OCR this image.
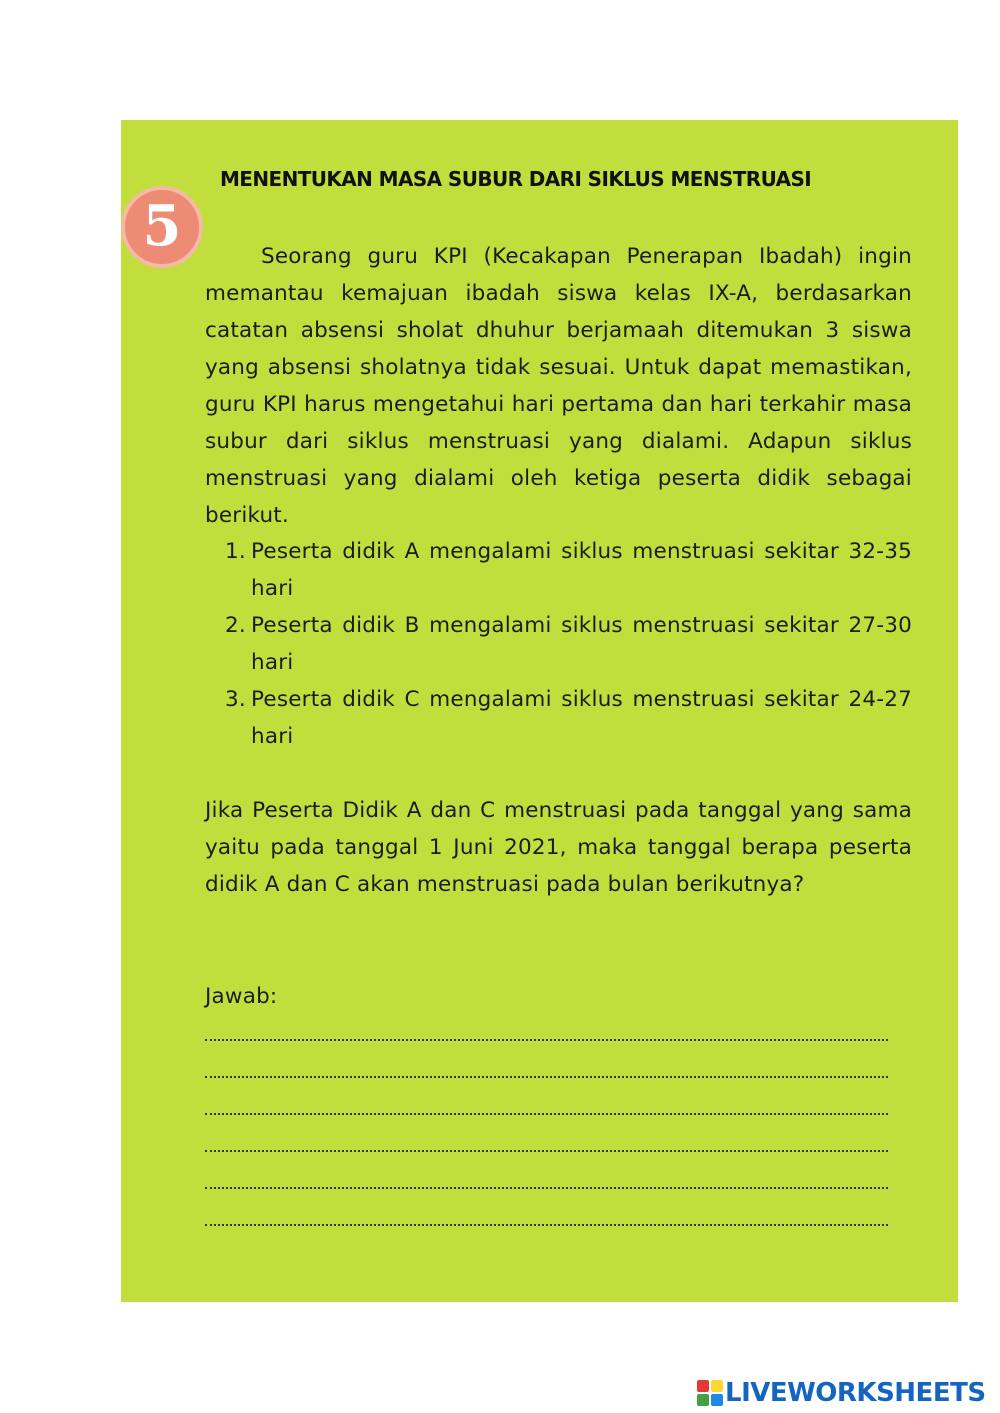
5
MENENTUKAN MASA SUBUR DARI SIKLUS MENSTRUASI
Seorang guru KPI (Kecakapan Penerapan Ibadah) ingin memantau kemajuan ibadah siswa kelas IX-A, berdasarkan catatan absensi sholat dhuhur berjamaah ditemukan 3 siswa yang absensi sholatnya tidak sesuai. Untuk dapat memastikan, guru KPI harus mengetahui hari pertama dan hari terkahir masa subur dari siklus menstruasi yang dialami. Adapun siklus menstruasi yang dialami oleh ketiga peserta didik sebagai berikut.
1. Peserta didik A mengalami siklus menstruasi sekitar 32-35 hari
2. Peserta didik B mengalami siklus menstruasi sekitar 27-30 hari
3. Peserta didik C mengalami siklus menstruasi sekitar 24-27 hari
Jika Peserta Didik A dan C menstruasi pada tanggal yang sama yaitu pada tanggal 1 Juni 2021, maka tanggal berapa peserta didik A dan C akan menstruasi pada bulan berikutnya?
Jawab:
LIVEWORKSHEETS
